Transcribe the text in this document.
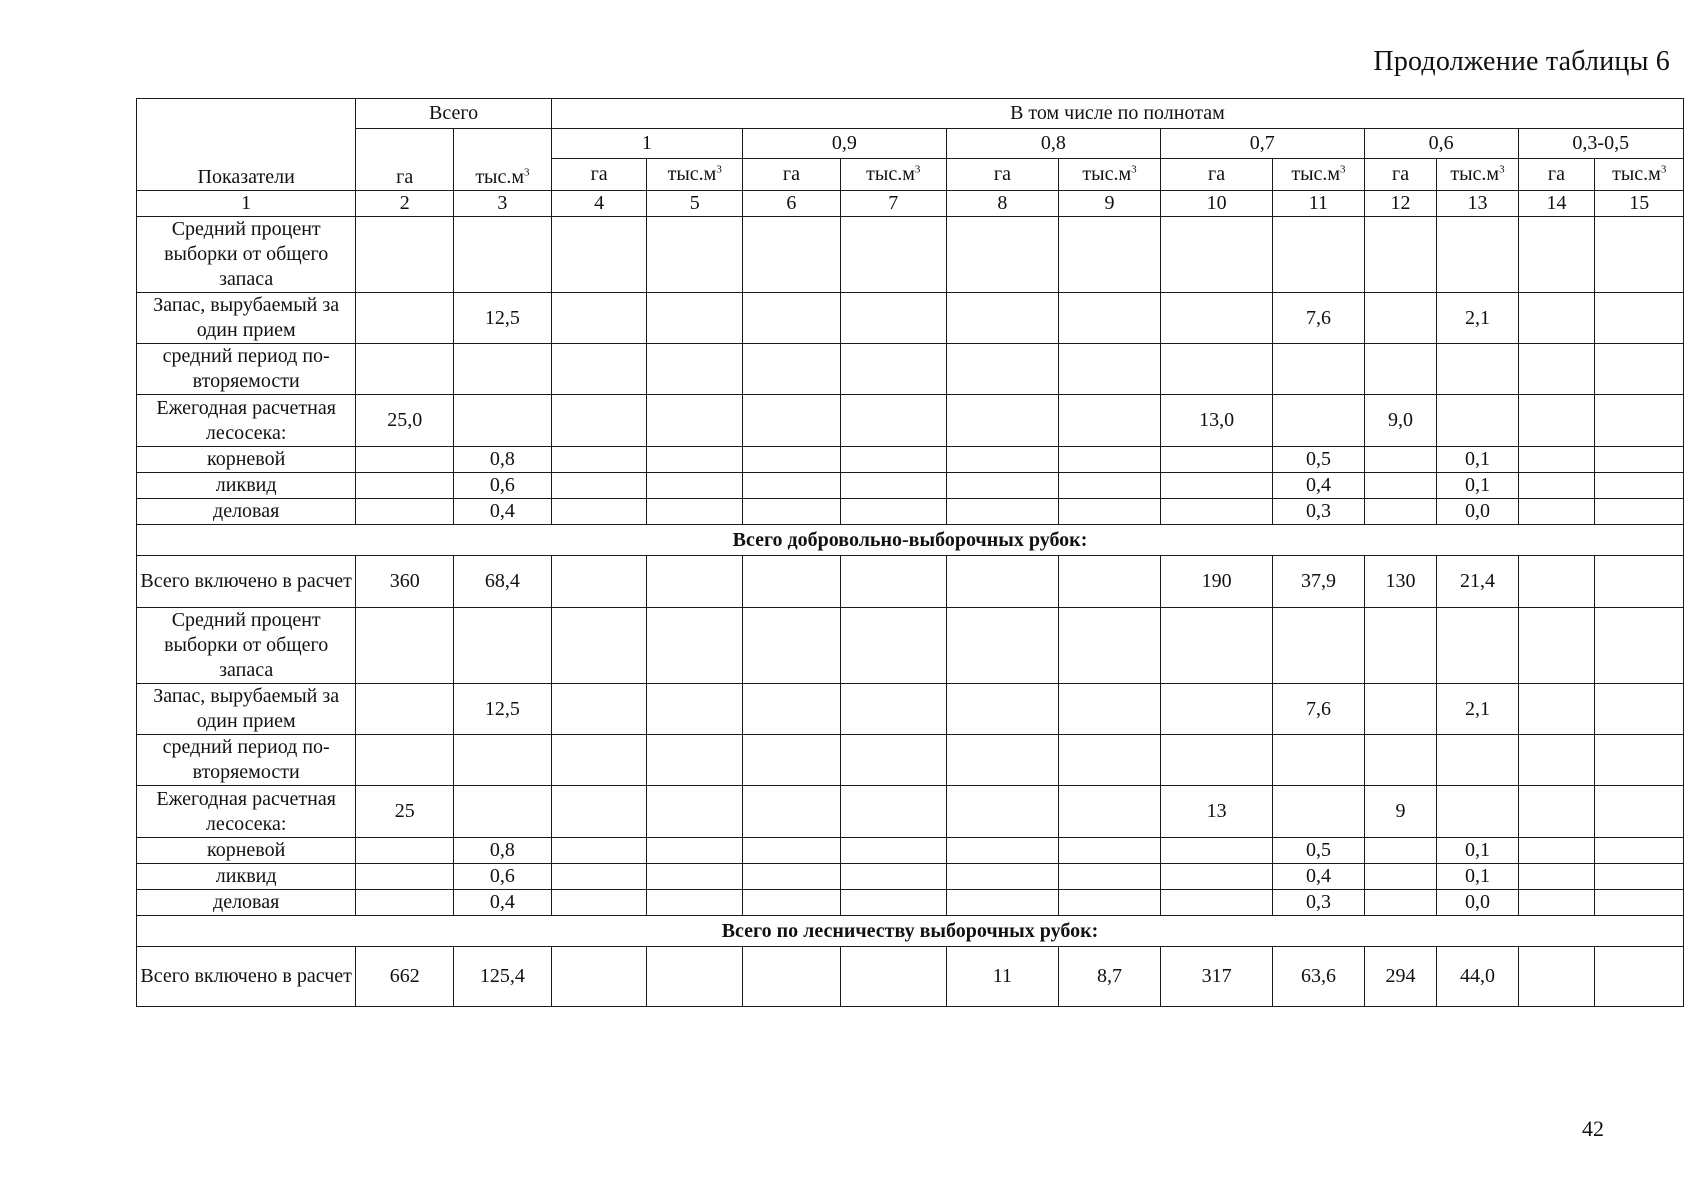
Продолжение таблицы 6
Показатели	Всего		В том числе по полнотам											
	га	$тыс.м^3$	1		0,9		0,8		0,7		0,6		0,3-0,5	
			га	$тыс.м^3$	га	$тыс.м^3$	га	$тыс.м^3$	га	$тыс.м^3$	га	$тыс.м^3$	га	$тыс.м^3$
1	2	3	4	5	6	7	8	9	10	11	12	13	14	15
Средний процент выборки от общего запаса														
Запас, вырубаемый за один прием		12,5								7,6		2,1		
средний период по-вторяемости														
Ежегодная расчетная лесосека:	25,0								13,0		9,0			
корневой		0,8								0,5		0,1		
ликвид		0,6								0,4		0,1		
деловая		0,4								0,3		0,0		
Всего добровольно-выборочных рубок:														
Всего включено в расчет	360	68,4							190	37,9	130	21,4		
Средний процент выборки от общего запаса														
Запас, вырубаемый за один прием		12,5								7,6		2,1		
средний период по-вторяемости														
Ежегодная расчетная лесосека:	25								13		9			
корневой		0,8								0,5		0,1		
ликвид		0,6								0,4		0,1		
деловая		0,4								0,3		0,0		
Всего по лесничеству выборочных рубок:														
Всего включено в расчет	662	125,4					11	8,7	317	63,6	294	44,0		
42
